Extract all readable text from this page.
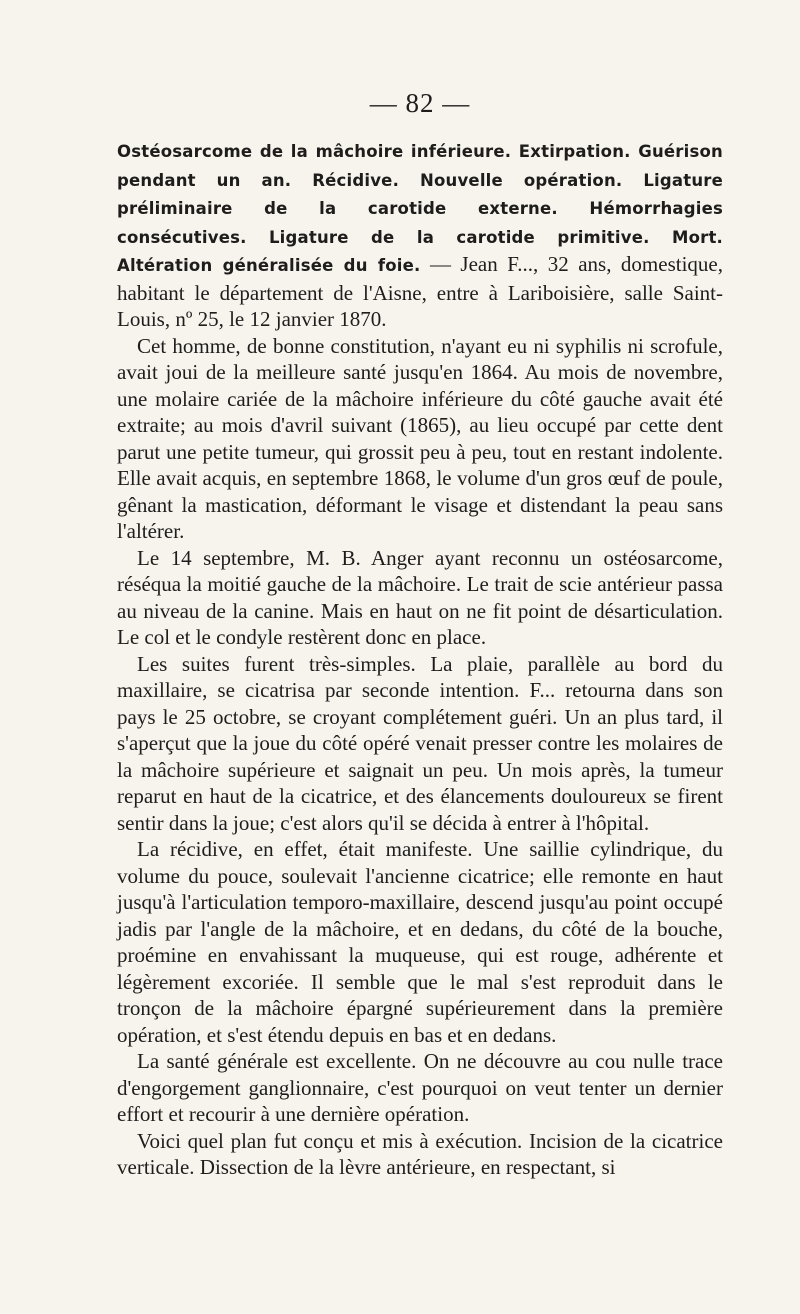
— 82 —

Ostéosarcome de la mâchoire inférieure. Extirpation. Guérison pendant un an. Récidive. Nouvelle opération. Ligature préliminaire de la carotide externe. Hémorrhagies consécutives. Ligature de la carotide primitive. Mort. Altération généralisée du foie. — Jean F..., 32 ans, domestique, habitant le département de l'Aisne, entre à Lariboisière, salle Saint-Louis, nº 25, le 12 janvier 1870.

Cet homme, de bonne constitution, n'ayant eu ni syphilis ni scrofule, avait joui de la meilleure santé jusqu'en 1864. Au mois de novembre, une molaire cariée de la mâchoire inférieure du côté gauche avait été extraite; au mois d'avril suivant (1865), au lieu occupé par cette dent parut une petite tumeur, qui grossit peu à peu, tout en restant indolente. Elle avait acquis, en septembre 1868, le volume d'un gros œuf de poule, gênant la mastication, déformant le visage et distendant la peau sans l'altérer.

Le 14 septembre, M. B. Anger ayant reconnu un ostéosarcome, réséqua la moitié gauche de la mâchoire. Le trait de scie antérieur passa au niveau de la canine. Mais en haut on ne fit point de désarticulation. Le col et le condyle restèrent donc en place.

Les suites furent très-simples. La plaie, parallèle au bord du maxillaire, se cicatrisa par seconde intention. F... retourna dans son pays le 25 octobre, se croyant complétement guéri. Un an plus tard, il s'aperçut que la joue du côté opéré venait presser contre les molaires de la mâchoire supérieure et saignait un peu. Un mois après, la tumeur reparut en haut de la cicatrice, et des élancements douloureux se firent sentir dans la joue; c'est alors qu'il se décida à entrer à l'hôpital.

La récidive, en effet, était manifeste. Une saillie cylindrique, du volume du pouce, soulevait l'ancienne cicatrice; elle remonte en haut jusqu'à l'articulation temporo-maxillaire, descend jusqu'au point occupé jadis par l'angle de la mâchoire, et en dedans, du côté de la bouche, proémine en envahissant la muqueuse, qui est rouge, adhérente et légèrement excoriée. Il semble que le mal s'est reproduit dans le tronçon de la mâchoire épargné supérieurement dans la première opération, et s'est étendu depuis en bas et en dedans.

La santé générale est excellente. On ne découvre au cou nulle trace d'engorgement ganglionnaire, c'est pourquoi on veut tenter un dernier effort et recourir à une dernière opération.

Voici quel plan fut conçu et mis à exécution. Incision de la cicatrice verticale. Dissection de la lèvre antérieure, en respectant, si
